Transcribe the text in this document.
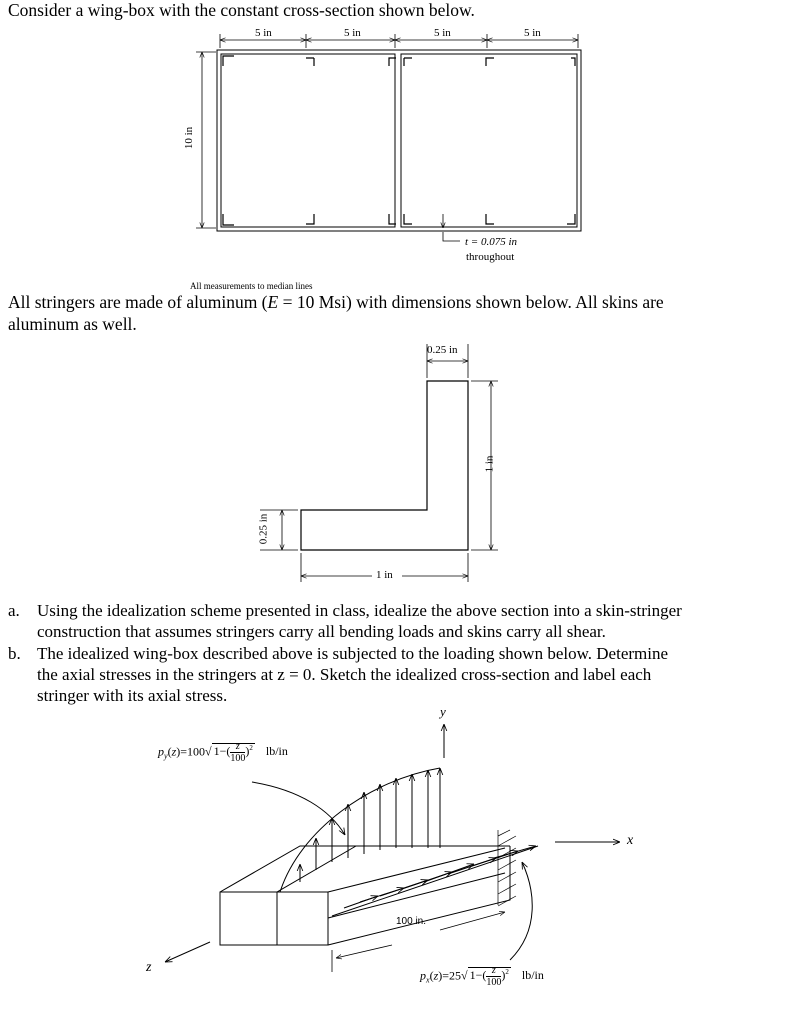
Consider a wing-box with the constant cross-section shown below.
5 in	5 in	5 in	5 in
10 in
t = 0.075 in
throughout
All measurements to median lines
All stringers are made of aluminum (E = 10 Msi) with dimensions shown below. All skins are
aluminum as well.
0.25 in
1 in
0.25 in
1 in
a. Using the idealization scheme presented in class, idealize the above section into a skin-stringer
construction that assumes stringers carry all bending loads and skins carry all shear.
b. The idealized wing-box described above is subjected to the loading shown below. Determine
the axial stresses in the stringers at z = 0. Sketch the idealized cross-section and label each
stringer with its axial stress.
$p_y(z)=100√$ $1-( \frac{z}{100} )^2$ lb/in
$p_x(z)=25√$ $1-( \frac{z}{100} )^2$ lb/in
y
x
z
100 in.
